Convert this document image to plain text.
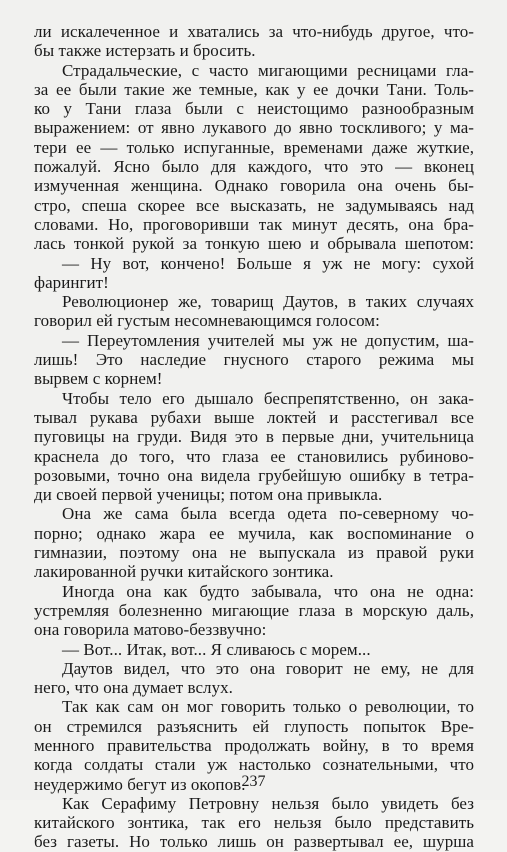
ли искалеченное и хватались за что-нибудь другое, что-
бы также истерзать и бросить.
Страдальческие, с часто мигающими ресницами гла-
за ее были такие же темные, как у ее дочки Тани. Толь-
ко у Тани глаза были с неистощимо разнообразным
выражением: от явно лукавого до явно тоскливого; у ма-
тери ее — только испуганные, временами даже жуткие,
пожалуй. Ясно было для каждого, что это — вконец
измученная женщина. Однако говорила она очень бы-
стро, спеша скорее все высказать, не задумываясь над
словами. Но, проговоривши так минут десять, она бра-
лась тонкой рукой за тонкую шею и обрывала шепотом:
— Ну вот, кончено! Больше я уж не могу: сухой
фарингит!
Революционер же, товарищ Даутов, в таких случаях
говорил ей густым несомневающимся голосом:
— Переутомления учителей мы уж не допустим, ша-
лишь! Это наследие гнусного старого режима мы
вырвем с корнем!
Чтобы тело его дышало беспрепятственно, он зака-
тывал рукава рубахи выше локтей и расстегивал все
пуговицы на груди. Видя это в первые дни, учительница
краснела до того, что глаза ее становились рубиново-
розовыми, точно она видела грубейшую ошибку в тетра-
ди своей первой ученицы; потом она привыкла.
Она же сама была всегда одета по-северному чо-
порно; однако жара ее мучила, как воспоминание о
гимназии, поэтому она не выпускала из правой руки
лакированной ручки китайского зонтика.
Иногда она как будто забывала, что она не одна:
устремляя болезненно мигающие глаза в морскую даль,
она говорила матово-беззвучно:
— Вот... Итак, вот... Я сливаюсь с морем...
Даутов видел, что это она говорит не ему, не для
него, что она думает вслух.
Так как сам он мог говорить только о революции, то
он стремился разъяснить ей глупость попыток Вре-
менного правительства продолжать войну, в то время
когда солдаты стали уж настолько сознательными, что
неудержимо бегут из окопов.
Как Серафиму Петровну нельзя было увидеть без
китайского зонтика, так его нельзя было представить
без газеты. Но только лишь он развертывал ее, шурша
237
